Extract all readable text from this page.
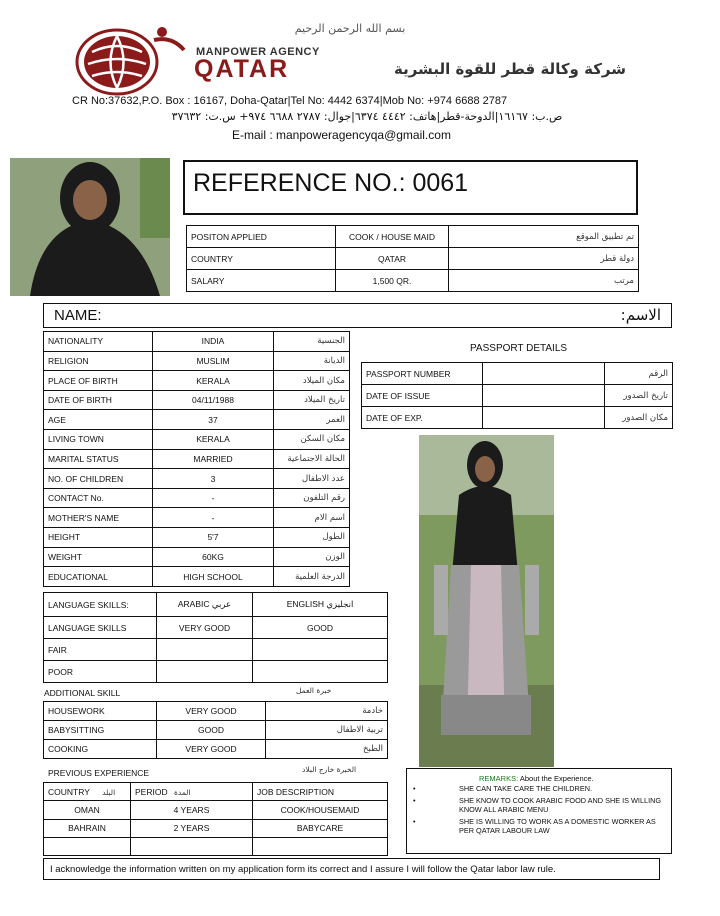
بسم الله الرحمن الرحيم
MANPOWER AGENCY
QATAR	شركة وكالة قطر للقوة البشرية
CR No:37632,P.O. Box : 16167, Doha-Qatar|Tel No: 4442 6374|Mob No: +974 6688 2787
ص.ب: ١٦١٦٧|الدوحة-قطر|هاتف: ٤٤٤٢ ٦٣٧٤|جوال: ٢٧٨٧ ٦٦٨٨ ٩٧٤+ س.ت: ٣٧٦٣٢
E-mail : manpoweragencyqa@gmail.com
REFERENCE NO.: 0061
POSITON APPLIED	COOK / HOUSE MAID	تم تطبيق الموقع
COUNTRY	QATAR	دولة قطر
SALARY	1,500 QR.	مرتب
NAME:	الاسم:
NATIONALITY	INDIA	الجنسية
RELIGION	MUSLIM	الديانة
PLACE OF BIRTH	KERALA	مكان الميلاد
DATE OF BIRTH	04/11/1988	تاريخ الميلاد
AGE	37	العمر
LIVING TOWN	KERALA	مكان السكن
MARITAL STATUS	MARRIED	الحالة الاجتماعية
NO. OF CHILDREN	3	عدد الاطفال
CONTACT No.	-	رقم التلفون
MOTHER'S NAME	-	اسم الام
HEIGHT	5'7	الطول
WEIGHT	60KG	الوزن
EDUCATIONAL	HIGH SCHOOL	الدرجة العلمية
PASSPORT DETAILS
PASSPORT NUMBER		الرقم
DATE OF ISSUE		تاريخ الصدور
DATE OF EXP.		مكان الصدور
LANGUAGE SKILLS:	ARABIC عربي	ENGLISH انجليزي
LANGUAGE SKILLS	VERY GOOD	GOOD
FAIR		
POOR		
ADDITIONAL SKILL	خبرة العمل
HOUSEWORK	VERY GOOD	خادمة
BABYSITTING	GOOD	تربية الاطفال
COOKING	VERY GOOD	الطبخ
PREVIOUS EXPERIENCE	الخبرة خارج البلاد
COUNTRY البلد	PERIOD المدة	JOB DESCRIPTION
OMAN	4 YEARS	COOK/HOUSEMAID
BAHRAIN	2 YEARS	BABYCARE

REMARKS: About the Experience.
•	SHE CAN TAKE CARE THE CHILDREN.
•	SHE KNOW TO COOK ARABIC FOOD AND SHE IS WILLING KNOW ALL ARABIC MENU
•	SHE IS WILLING TO WORK AS A DOMESTIC WORKER AS PER QATAR LABOUR LAW
I acknowledge the information written on my application form its correct and I assure I will follow the Qatar labor law rule.
